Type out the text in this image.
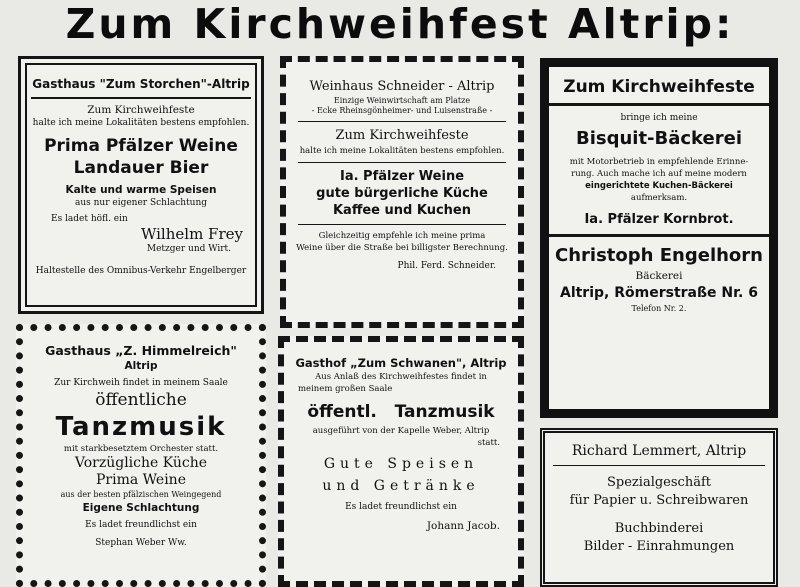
Zum Kirchweihfest Altrip:

Gasthaus "Zum Storchen"-Altrip

Zum Kirchweihfeste

halte ich meine Lokalitäten bestens empfohlen.

Prima Pfälzer Weine

Landauer Bier

Kalte und warme Speisen

aus nur eigener Schlachtung

Es ladet höfl. ein

Wilhelm Frey

Metzger und Wirt.

Haltestelle des Omnibus-Verkehr Engelberger

Weinhaus Schneider - Altrip

Einzige Weinwirtschaft am Platze

- Ecke Rheinsgönheimer- und Luisenstraße -

Zum Kirchweihfeste

halte ich meine Lokalitäten bestens empfohlen.

Ia. Pfälzer Weine

gute bürgerliche Küche

Kaffee und Kuchen

Gleichzeitig empfehle ich meine prima

Weine über die Straße bei billigster Berechnung.

Phil. Ferd. Schneider.

Zum Kirchweihfeste

bringe ich meine

Bisquit-Bäckerei

mit Motorbetrieb in empfehlende Erinne-

rung. Auch mache ich auf meine modern

eingerichtete Kuchen-Bäckerei

aufmerksam.

Ia. Pfälzer Kornbrot.

Christoph Engelhorn

Bäckerei

Altrip, Römerstraße Nr. 6

Telefon Nr. 2.

Gasthaus „Z. Himmelreich"

Altrip

Zur Kirchweih findet in meinem Saale

öffentliche

Tanzmusik

mit starkbesetztem Orchester statt.

Vorzügliche Küche

Prima Weine

aus der besten pfälzischen Weingegend

Eigene Schlachtung

Es ladet freundlichst ein

Stephan Weber Ww.

Gasthof „Zum Schwanen", Altrip

Aus Anlaß des Kirchweihfestes findet in

meinem großen Saale

öffentl.   Tanzmusik

ausgeführt von der Kapelle Weber, Altrip

statt.

Gute Speisen

und Getränke

Es ladet freundlichst ein

Johann Jacob.

Richard Lemmert, Altrip

Spezialgeschäft

für Papier u. Schreibwaren

Buchbinderei

Bilder - Einrahmungen
